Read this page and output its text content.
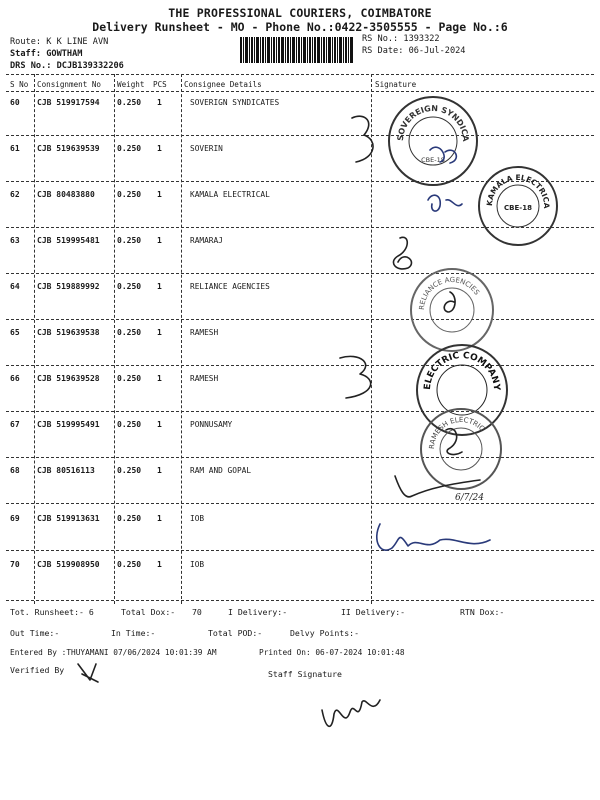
THE PROFESSIONAL COURIERS, COIMBATORE
Delivery Runsheet - MO - Phone No.:0422-3505555 - Page No.:6
Route: K K LINE AVN
Staff: GOWTHAM
DRS No.: DCJB139332206
RS No.: 1393322
RS Date: 06-Jul-2024
S No Consignment No Weight PCS Consignee Details	Signature
60 CJB 519917594 0.250 1	SOVERIGN SYNDICATES
61 CJB 519639539 0.250 1	SOVERIN
62 CJB 80483880	0.250 1	KAMALA ELECTRICAL
63 CJB 519995481 0.250 1	RAMARAJ
64 CJB 519889992 0.250 1	RELIANCE AGENCIES
65 CJB 519639538 0.250 1	RAMESH
66 CJB 519639528 0.250 1	RAMESH
67 CJB 519995491 0.250 1	PONNUSAMY
68 CJB 80516113	0.250 1	RAM AND GOPAL
69 CJB 519913631 0.250 1	IOB
70 CJB 519908950 0.250 1	IOB
SOVEREIGN SYNDICA
CBE-18
KAMALA ELECTRICA
CBE-18
RELIANCE AGENCIES
ELECTRIC COMPANY
RAMESH ELECTRIC
6/7/24
Tot. Runsheet:- 6	Total Dox:- 70	I Delivery:-	II Delivery:-	RTN Dox:-
Out Time:-	In Time:-	Total POD:-	Delvy Points:-
Entered By :THUYAMANI 07/06/2024 10:01:39 AM	Printed On: 06-07-2024 10:01:48
Verified By	Staff Signature
